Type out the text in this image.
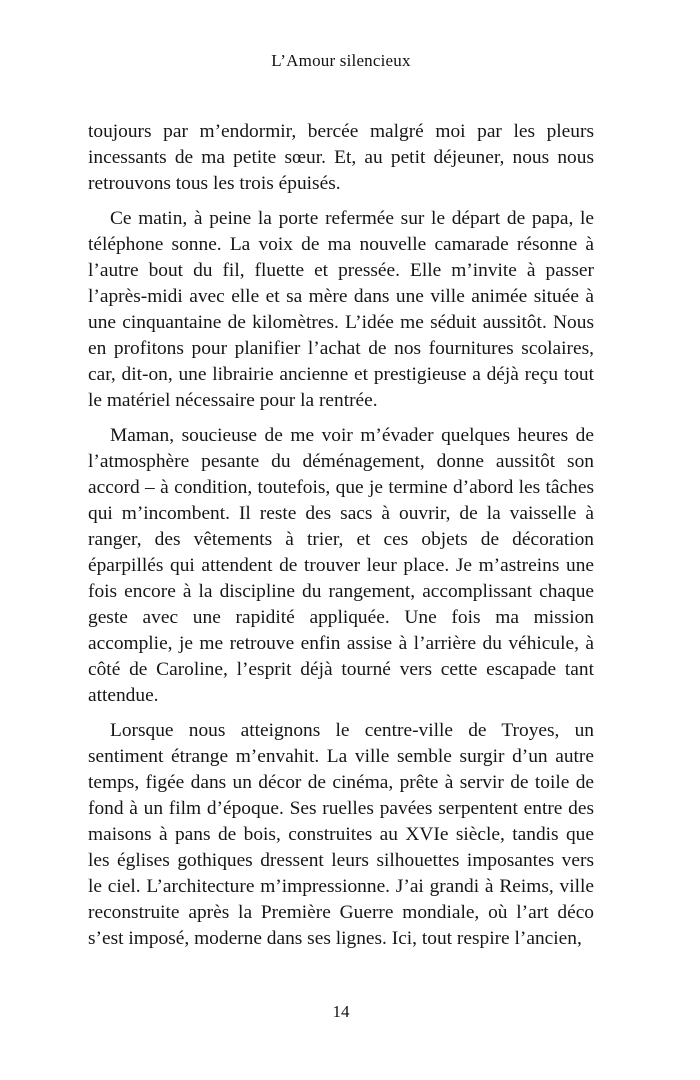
L’Amour silencieux

toujours par m’endormir, bercée malgré moi par les pleurs incessants de ma petite sœur. Et, au petit déjeuner, nous nous retrouvons tous les trois épuisés.

Ce matin, à peine la porte refermée sur le départ de papa, le téléphone sonne. La voix de ma nouvelle camarade résonne à l’autre bout du fil, fluette et pressée. Elle m’invite à passer l’après-midi avec elle et sa mère dans une ville animée située à une cinquantaine de kilomètres. L’idée me séduit aussitôt. Nous en profitons pour planifier l’achat de nos fournitures scolaires, car, dit-on, une librairie ancienne et prestigieuse a déjà reçu tout le matériel nécessaire pour la rentrée.

Maman, soucieuse de me voir m’évader quelques heures de l’atmosphère pesante du déménagement, donne aussitôt son accord – à condition, toutefois, que je termine d’abord les tâches qui m’incombent. Il reste des sacs à ouvrir, de la vaisselle à ranger, des vêtements à trier, et ces objets de décoration éparpillés qui attendent de trouver leur place. Je m’astreins une fois encore à la discipline du rangement, accomplissant chaque geste avec une rapidité appliquée. Une fois ma mission accomplie, je me retrouve enfin assise à l’arrière du véhicule, à côté de Caroline, l’esprit déjà tourné vers cette escapade tant attendue.

Lorsque nous atteignons le centre-ville de Troyes, un sentiment étrange m’envahit. La ville semble surgir d’un autre temps, figée dans un décor de cinéma, prête à servir de toile de fond à un film d’époque. Ses ruelles pavées serpentent entre des maisons à pans de bois, construites au XVIe siècle, tandis que les églises gothiques dressent leurs silhouettes imposantes vers le ciel. L’architecture m’impressionne. J’ai grandi à Reims, ville reconstruite après la Première Guerre mondiale, où l’art déco s’est imposé, moderne dans ses lignes. Ici, tout respire l’ancien,

14
